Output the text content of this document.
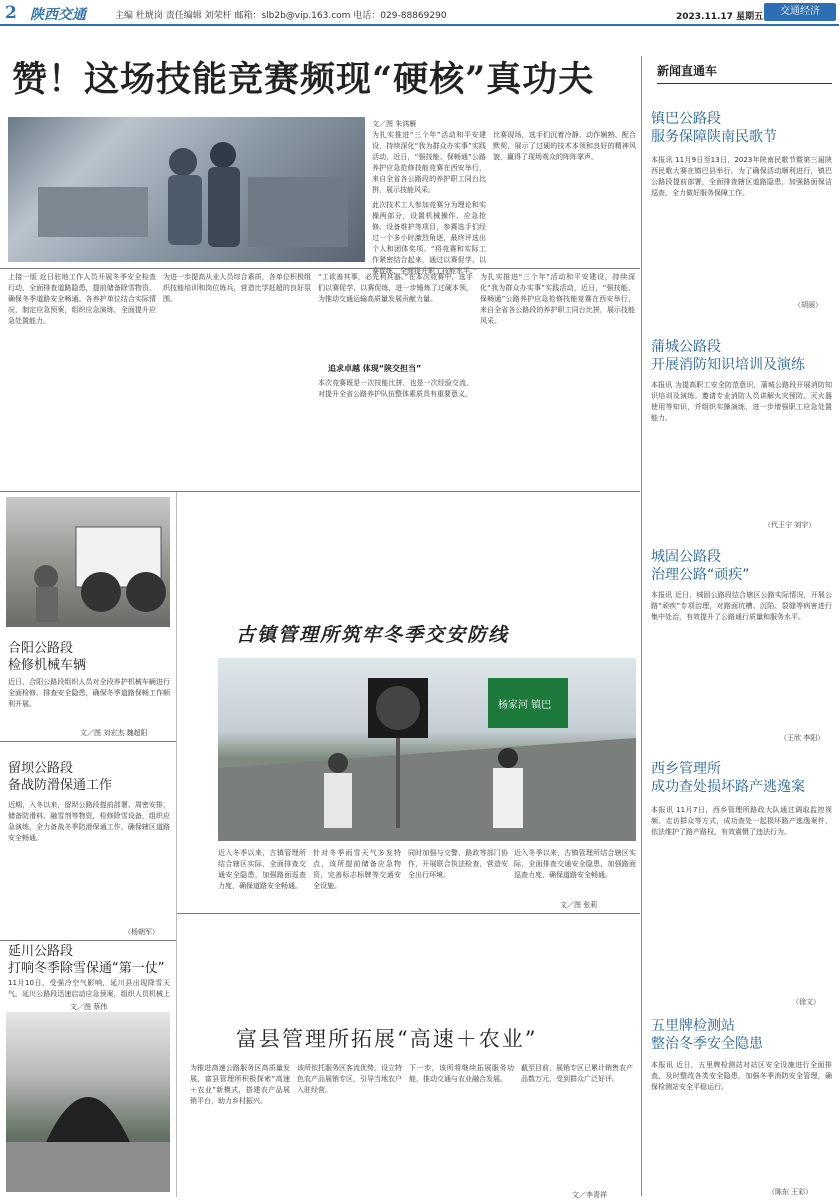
2 陕西交通	主编 杜琥岗 责任编辑 刘荣杆 邮箱：slb2b@vip.163.com 电话：029-88869290	2023.11.17 星期五	交通经济
赞！这场技能竞赛频现“硬核”真功夫
文／图 朱鸿雁
为扎实推进“三个年”活动和平安建设，持续深化“我为群众办实事”实践活动，近日，“强技能、保畅通”公路养护应急抢修技能竞赛在西安举行，来自全省各公路段的养护职工同台比拼，展示技能风采。
此次技术工人参加竞赛分为理论和实操两部分，设置机械操作、应急抢修、设备维护等项目，参赛选手们经过一个多小时激烈角逐，最终评选出个人和团体奖项。“将竞赛和实际工作紧密结合起来，通过以赛促学、以赛促练，全面提升职工技能水平。”
比赛现场，选手们沉着冷静、动作娴熟、配合默契，展示了过硬的技术本领和良好的精神风貌，赢得了现场观众的阵阵掌声。
上接一版 近日驻地工作人员开展冬季安全检查行动，全面排查道路隐患，提前储备除雪物资，确保冬季道路安全畅通。各养护单位结合实际情况，制定应急预案，组织应急演练，全面提升应急处置能力。
为进一步提高从业人员综合素质，各单位积极组织技能培训和岗位练兵，营造比学赶超的良好氛围。
“工欲善其事，必先利其器。”在本次竞赛中，选手们以赛促学、以赛促练，进一步锤炼了过硬本领，为推动交通运输高质量发展贡献力量。
追求卓越 体现“陕交担当”
本次竞赛既是一次技能比拼，也是一次经验交流，对提升全省公路养护队伍整体素质具有重要意义。
为扎实推进“三个年”活动和平安建设，持续深化“我为群众办实事”实践活动，近日，“强技能、保畅通”公路养护应急抢修技能竞赛在西安举行，来自全省各公路段的养护职工同台比拼，展示技能风采。
合阳公路段
检修机械车辆
近日，合阳公路段组织人员对全段养护机械车辆进行全面检修，排查安全隐患，确保冬季道路保畅工作顺利开展。
文／图 刘宏杰 魏超阳
留坝公路段
备战防滑保通工作
近期，入冬以来，留坝公路段提前部署、周密安排，储备防滑料、融雪剂等物资，检修除雪设备，组织应急演练，全力备战冬季防滑保通工作，确保辖区道路安全畅通。
（杨朝军）
延川公路段
打响冬季除雪保通“第一仗”
11月10日，受强冷空气影响，延川县出现降雪天气。延川公路段迅速启动应急预案，组织人员机械上
文／图 蔡伟
古镇管理所筑牢冬季交安防线
杨家河 镇巴
近入冬季以来，古镇管理所结合辖区实际，全面排查交通安全隐患，加强路面巡查力度，确保道路安全畅通。
针对冬季雨雪天气多发特点，该所提前储备应急物资，完善标志标牌等交通安全设施。
同时加强与交警、路政等部门协作，开展联合执法检查，营造安全出行环境。
近入冬季以来，古镇管理所结合辖区实际，全面排查交通安全隐患，加强路面巡查力度，确保道路安全畅通。
文／图 张莉
富县管理所拓展“高速＋农业”
为推进高速公路服务区高质量发展，富县管理所积极探索“高速＋农业”新模式，搭建农产品展销平台，助力乡村振兴。
该所依托服务区客流优势，设立特色农产品展销专区，引导当地农户入驻经营。
下一步，该所将继续拓展服务功能，推动交通与农业融合发展。
截至目前，展销专区已累计销售农产品数万元，受到群众广泛好评。
文／李青祥
新闻直通车
镇巴公路段
服务保障陕南民歌节
本报讯 11月9日至13日，2023年陕南民歌节暨第三届陕西民歌大赛在镇巴县举行。为了确保活动顺利进行，镇巴公路段提前部署，全面排查辖区道路隐患，加强路面保洁巡查，全力做好服务保障工作。
（胡丽）
蒲城公路段
开展消防知识培训及演练
本报讯 为提高职工安全防范意识，蒲城公路段开展消防知识培训及演练。邀请专业消防人员讲解火灾预防、灭火器使用等知识，并组织实操演练，进一步增强职工应急处置能力。
（代王宁 刘宇）
城固公路段
治理公路“顽疾”
本报讯 近日，城固公路段结合辖区公路实际情况，开展公路“顽疾”专项治理，对路面坑槽、沉陷、裂缝等病害进行集中处治，有效提升了公路通行质量和服务水平。
（王欣 李阳）
西乡管理所
成功查处损坏路产逃逸案
本报讯 11月7日，西乡管理所路政大队通过调取监控视频、走访群众等方式，成功查处一起损坏路产逃逸案件，依法维护了路产路权，有效震慑了违法行为。
（徐文）
五里牌检测站
整治冬季安全隐患
本报讯 近日，五里牌检测站对站区安全设施进行全面排查，及时整改各类安全隐患，加强冬季消防安全管理，确保检测站安全平稳运行。
（陈东 王彩）
